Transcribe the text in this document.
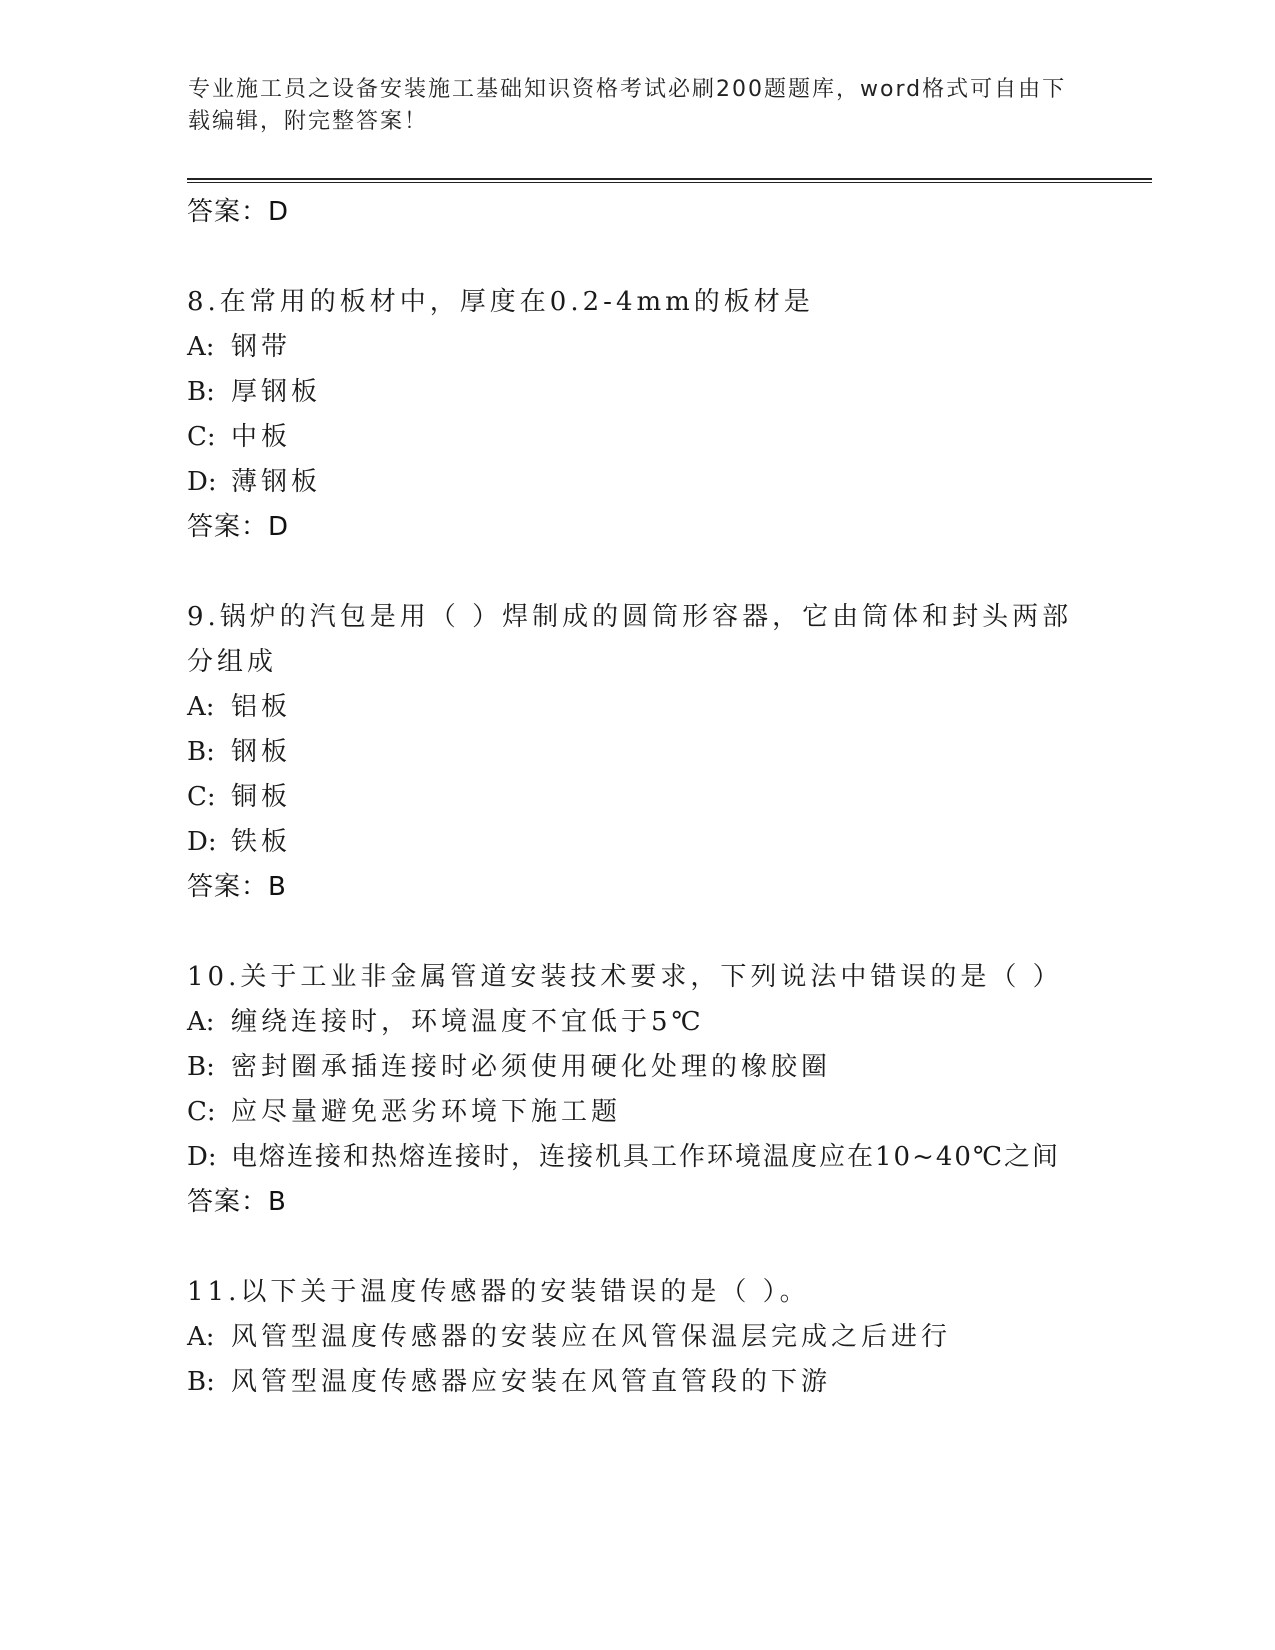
专业施工员之设备安装施工基础知识资格考试必刷200题题库，word格式可自由下载编辑，附完整答案！
答案：D
8.在常用的板材中，厚度在0.2-4mm的板材是
A: 钢带
B: 厚钢板
C: 中板
D: 薄钢板
答案：D
9.锅炉的汽包是用（ ）焊制成的圆筒形容器，它由筒体和封头两部分组成
A: 铝板
B: 钢板
C: 铜板
D: 铁板
答案：B
10.关于工业非金属管道安装技术要求，下列说法中错误的是（ ）
A: 缠绕连接时，环境温度不宜低于5℃
B: 密封圈承插连接时必须使用硬化处理的橡胶圈
C: 应尽量避免恶劣环境下施工题
D: 电熔连接和热熔连接时，连接机具工作环境温度应在10~40℃之间
答案：B
11.以下关于温度传感器的安装错误的是（ ）。
A: 风管型温度传感器的安装应在风管保温层完成之后进行
B: 风管型温度传感器应安装在风管直管段的下游
